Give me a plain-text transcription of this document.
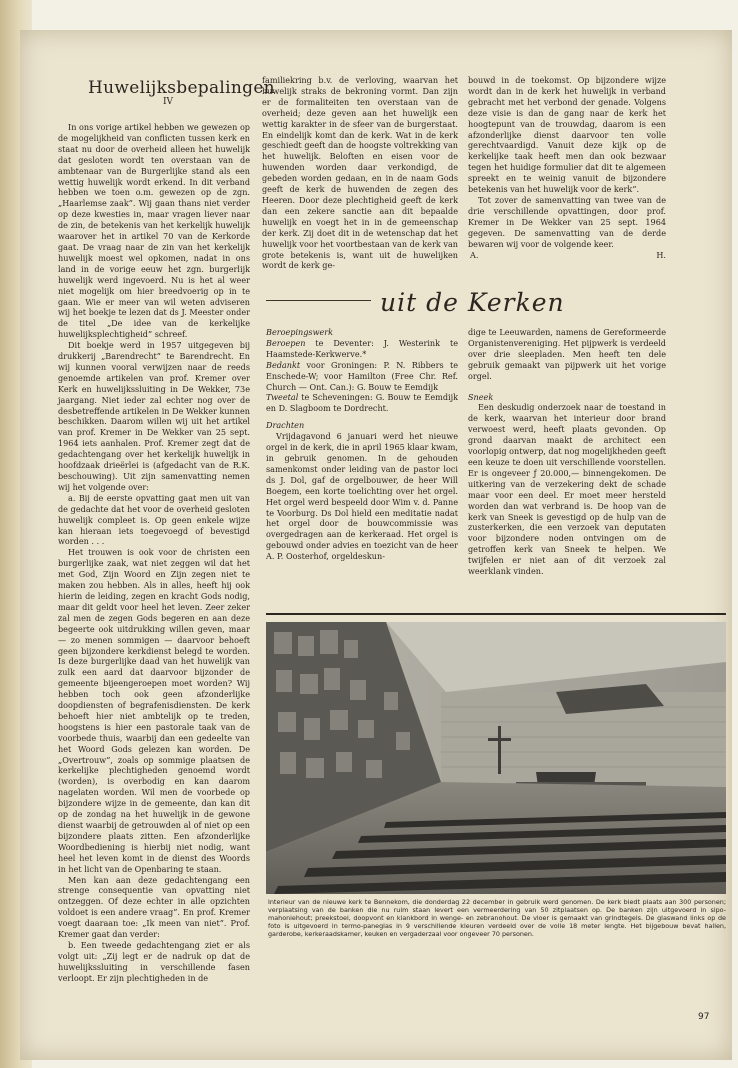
Huwelijksbepalingen
IV

In ons vorige artikel hebben we gewezen op de mogelijkheid van conflicten tussen kerk en staat nu door de overheid alleen het huwelijk dat gesloten wordt ten overstaan van de ambtenaar van de Burgerlijke stand als een wettig huwelijk wordt erkend. In dit verband hebben we toen o.m. gewezen op de zgn. „Haarlemse zaak”. Wij gaan thans niet verder op deze kwesties in, maar vragen liever naar de zin, de betekenis van het kerkelijk huwelijk waarover het in artikel 70 van de Kerkorde gaat. De vraag naar de zin van het kerkelijk huwelijk moest wel opkomen, nadat in ons land in de vorige eeuw het zgn. burgerlijk huwelijk werd ingevoerd. Nu is het al weer niet mogelijk om hier breedvoerig op in te gaan. Wie er meer van wil weten adviseren wij het boekje te lezen dat ds J. Meester onder de titel „De idee van de kerkelijke huwelijksplechtigheid” schreef.

Dit boekje werd in 1957 uitgegeven bij drukkerij „Barendrecht” te Barendrecht. En wij kunnen vooral verwijzen naar de reeds genoemde artikelen van prof. Kremer over Kerk en huwelijkssluiting in De Wekker, 73e jaargang. Niet ieder zal echter nog over de desbetreffende artikelen in De Wekker kunnen beschikken. Daarom willen wij uit het artikel van prof. Kremer in De Wekker van 25 sept. 1964 iets aanhalen. Prof. Kremer zegt dat de gedachtengang over het kerkelijk huwelijk in hoofdzaak drieërlei is (afgedacht van de R.K. beschouwing). Uit zijn samenvatting nemen wij het volgende over:

a. Bij de eerste opvatting gaat men uit van de gedachte dat het voor de overheid gesloten huwelijk compleet is. Op geen enkele wijze kan hieraan iets toegevoegd of bevestigd worden . . .

Het trouwen is ook voor de christen een burgerlijke zaak, wat niet zeggen wil dat het met God, Zijn Woord en Zijn zegen niet te maken zou hebben. Als in alles, heeft hij ook hierin de leiding, zegen en kracht Gods nodig, maar dit geldt voor heel het leven. Zeer zeker zal men de zegen Gods begeren en aan deze begeerte ook uitdrukking willen geven, maar — zo menen sommigen — daarvoor behoeft geen bijzondere kerkdienst belegd te worden. Is deze burgerlijke daad van het huwelijk van zulk een aard dat daarvoor bijzonder de gemeente bijeengeroepen moet worden? Wij hebben toch ook geen afzonderlijke doopdiensten of begrafenisdiensten. De kerk behoeft hier niet ambtelijk op te treden, hoogstens is hier een pastorale taak van de voorbede thuis, waarbij dan een gedeelte van het Woord Gods gelezen kan worden. De „Overtrouw”, zoals op sommige plaatsen de kerkelijke plechtigheden genoemd wordt (worden), is overbodig en kan daarom nagelaten worden. Wil men de voorbede op bijzondere wijze in de gemeente, dan kan dit op de zondag na het huwelijk in de gewone dienst waarbij de getrouwden al of niet op een bijzondere plaats zitten. Een afzonderlijke Woordbediening is hierbij niet nodig, want heel het leven komt in de dienst des Woords in het licht van de Openbaring te staan.

Men kan aan deze gedachtengang een strenge consequentie van opvatting niet ontzeggen. Of deze echter in alle opzichten voldoet is een andere vraag”. En prof. Kremer voegt daaraan toe: „Ik meen van niet”. Prof. Kremer gaat dan verder:

b. Een tweede gedachtengang ziet er als volgt uit: „Zij legt er de nadruk op dat de huwelijkssluiting in verschillende fasen verloopt. Er zijn plechtigheden in de

familiekring b.v. de verloving, waarvan het huwelijk straks de bekroning vormt. Dan zijn er de formaliteiten ten overstaan van de overheid; deze geven aan het huwelijk een wettig karakter in de sfeer van de burgerstaat. En eindelijk komt dan de kerk. Wat in de kerk geschiedt geeft dan de hoogste voltrekking van het huwelijk. Beloften en eisen voor de huwenden worden daar verkondigd, de gebeden worden gedaan, en in de naam Gods geeft de kerk de huwenden de zegen des Heeren. Door deze plechtigheid geeft de kerk dan een zekere sanctie aan dit bepaalde huwelijk en voegt het in in de gemeenschap der kerk. Zij doet dit in de wetenschap dat het huwelijk voor het voortbestaan van de kerk van grote betekenis is, want uit de huwelijken wordt de kerk ge-

bouwd in de toekomst. Op bijzondere wijze wordt dan in de kerk het huwelijk in verband gebracht met het verbond der genade. Volgens deze visie is dan de gang naar de kerk het hoogtepunt van de trouwdag, daarom is een afzonderlijke dienst daarvoor ten volle gerechtvaardigd. Vanuit deze kijk op de kerkelijke taak heeft men dan ook bezwaar tegen het huidige formulier dat dit te algemeen spreekt en te weinig vanuit de bijzondere betekenis van het huwelijk voor de kerk”.

Tot zover de samenvatting van twee van de drie verschillende opvattingen, door prof. Kremer in De Wekker van 25 sept. 1964 gegeven. De samenvatting van de derde bewaren wij voor de volgende keer.

A.	H.
uit de Kerken

Beroepingswerk

Beroepen te Deventer: J. Westerink te Haamstede-Kerkwerve.*

Bedankt voor Groningen: P. N. Ribbers te Enschede-W; voor Hamilton (Free Chr. Ref. Church — Ont. Can.): G. Bouw te Eemdijk

Tweetal te Scheveningen: G. Bouw te Eemdijk en D. Slagboom te Dordrecht.

Drachten

Vrijdagavond 6 januari werd het nieuwe orgel in de kerk, die in april 1965 klaar kwam, in gebruik genomen. In de gehouden samenkomst onder leiding van de pastor loci ds J. Dol, gaf de orgelbouwer, de heer Will Boegem, een korte toelichting over het orgel. Het orgel werd bespeeld door Wim v. d. Panne te Voorburg. Ds Dol hield een meditatie nadat het orgel door de bouwcommissie was overgedragen aan de kerkeraad. Het orgel is gebouwd onder advies en toezicht van de heer A. P. Oosterhof, orgeldeskun-

dige te Leeuwarden, namens de Gereformeerde Organistenvereniging. Het pijpwerk is verdeeld over drie sleepladen. Men heeft ten dele gebruik gemaakt van pijpwerk uit het vorige orgel.

Sneek

Een deskudig onderzoek naar de toestand in de kerk, waarvan het interieur door brand verwoest werd, heeft plaats gevonden. Op grond daarvan maakt de architect een voorlopig ontwerp, dat nog mogelijkheden geeft een keuze te doen uit verschillende voorstellen. Er is ongeveer ƒ 20.000,— binnengekomen. De uitkering van de verzekering dekt de schade maar voor een deel. Er moet meer hersteld worden dan wat verbrand is. De hoop van de kerk van Sneek is gevestigd op de hulp van de zusterkerken, die een verzoek van deputaten voor bijzondere noden ontvingen om de getroffen kerk van Sneek te helpen. We twijfelen er niet aan of dit verzoek zal weerklank vinden.

Interieur van de nieuwe kerk te Bennekom, die donderdag 22 december in gebruik werd genomen. De kerk biedt plaats aan 300 personen; verplaatsing van de banken die nu ruim staan levert een vermeerdering van 50 zitplaatsen op. De banken zijn uitgevoerd in sipo-mahoniehout; preekstoel, doopvont en klankbord in wenge- en zebranohout. De vloer is gemaakt van grindtegels. De glaswand links op de foto is uitgevoerd in termo-paneglas in 9 verschillende kleuren verdeeld over de volle 18 meter lengte. Het bijgebouw bevat hallen, garderobe, kerkeraadskamer, keuken en vergaderzaal voor ongeveer 70 personen.
97
